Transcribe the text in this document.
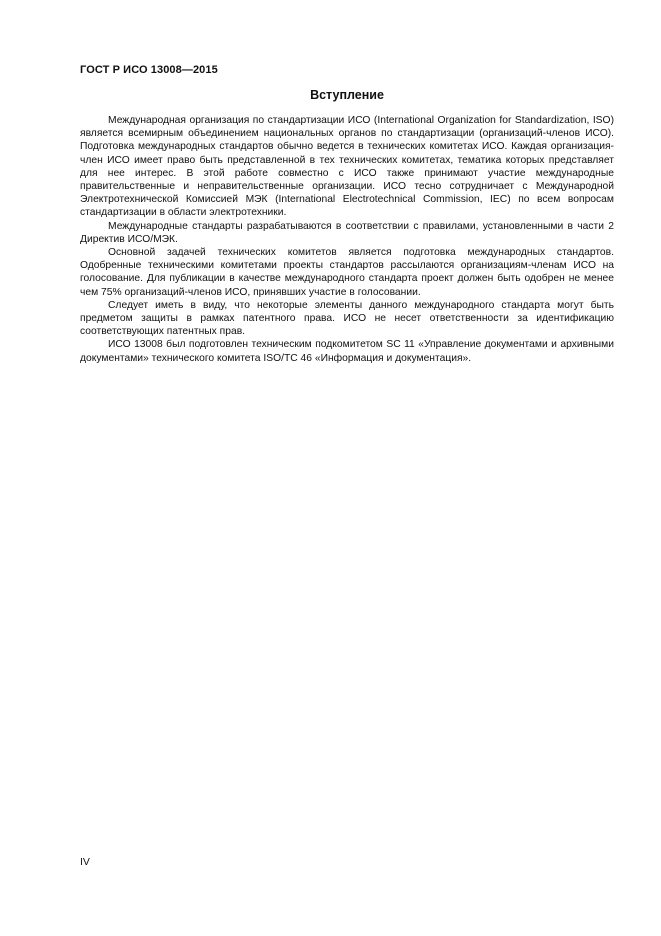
ГОСТ Р ИСО 13008—2015
Вступление

Международная организация по стандартизации ИСО (International Organization for Standardization, ISO) является всемирным объединением национальных органов по стандартизации (организаций-членов ИСО). Подготовка международных стандартов обычно ведется в технических комитетах ИСО. Каждая организация-член ИСО имеет право быть представленной в тех технических комитетах, тематика которых представляет для нее интерес. В этой работе совместно с ИСО также принимают участие международные правительственные и неправительственные организации. ИСО тесно сотрудничает с Международной Электротехнической Комиссией МЭК (International Electrotechnical Commission, IEC) по всем вопросам стандартизации в области электротехники.

Международные стандарты разрабатываются в соответствии с правилами, установленными в части 2 Директив ИСО/МЭК.

Основной задачей технических комитетов является подготовка международных стандартов. Одобренные техническими комитетами проекты стандартов рассылаются организациям-членам ИСО на голосование. Для публикации в качестве международного стандарта проект должен быть одобрен не менее чем 75% организаций-членов ИСО, принявших участие в голосовании.

Следует иметь в виду, что некоторые элементы данного международного стандарта могут быть предметом защиты в рамках патентного права. ИСО не несет ответственности за идентификацию соответствующих патентных прав.

ИСО 13008 был подготовлен техническим подкомитетом SC 11 «Управление документами и архивными документами» технического комитета ISO/TC 46 «Информация и документация».

IV
